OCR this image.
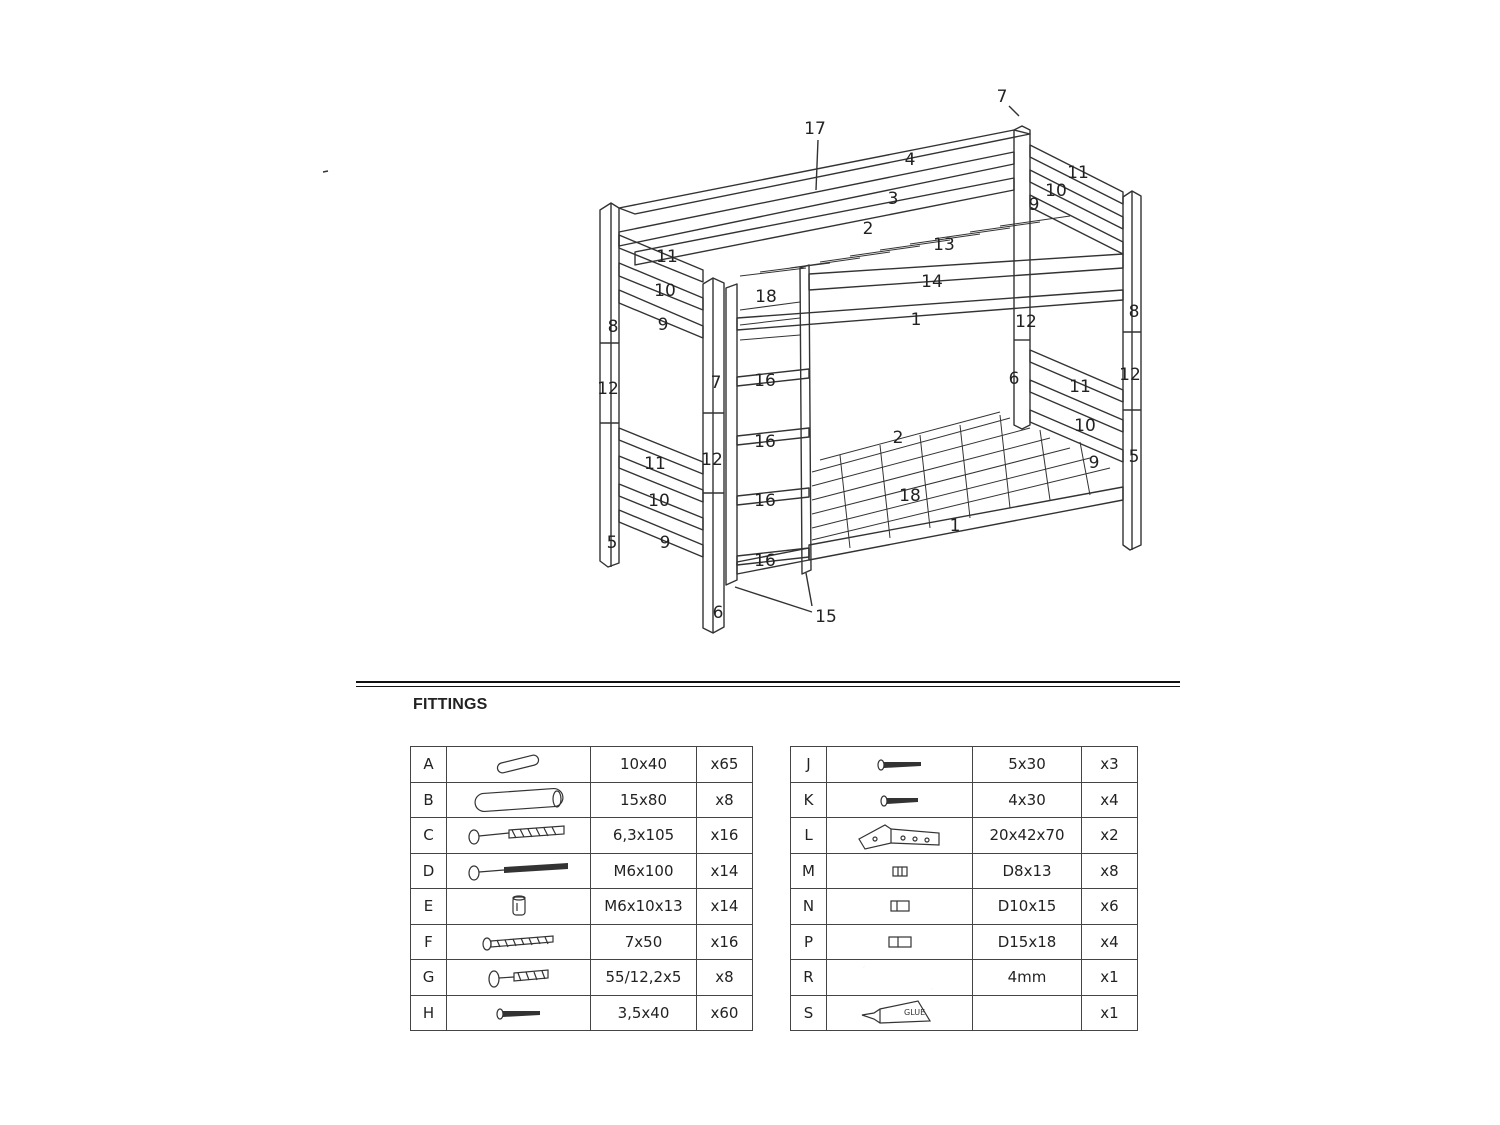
7
17
4
11
10
3	9
2
13
11
14
10	18
8 9	1	12	8
12	7 16	6	11
12
10
16	2
12
11	9 5
16	18
10
1
5 9
16
6	15
FITTINGS
A		10x40	x65
B		15x80	x8
C		6,3x105	x16
D		M6x100	x14
E		M6x10x13	x14
F		7x50	x16
G		55/12,2x5	x8
H		3,5x40	x60
J		5x30	x3
K		4x30	x4
L		20x42x70	x2
M		D8x13	x8
N		D10x15	x6
P		D15x18	x4
R		4mm	x1
S	GLUE		x1
